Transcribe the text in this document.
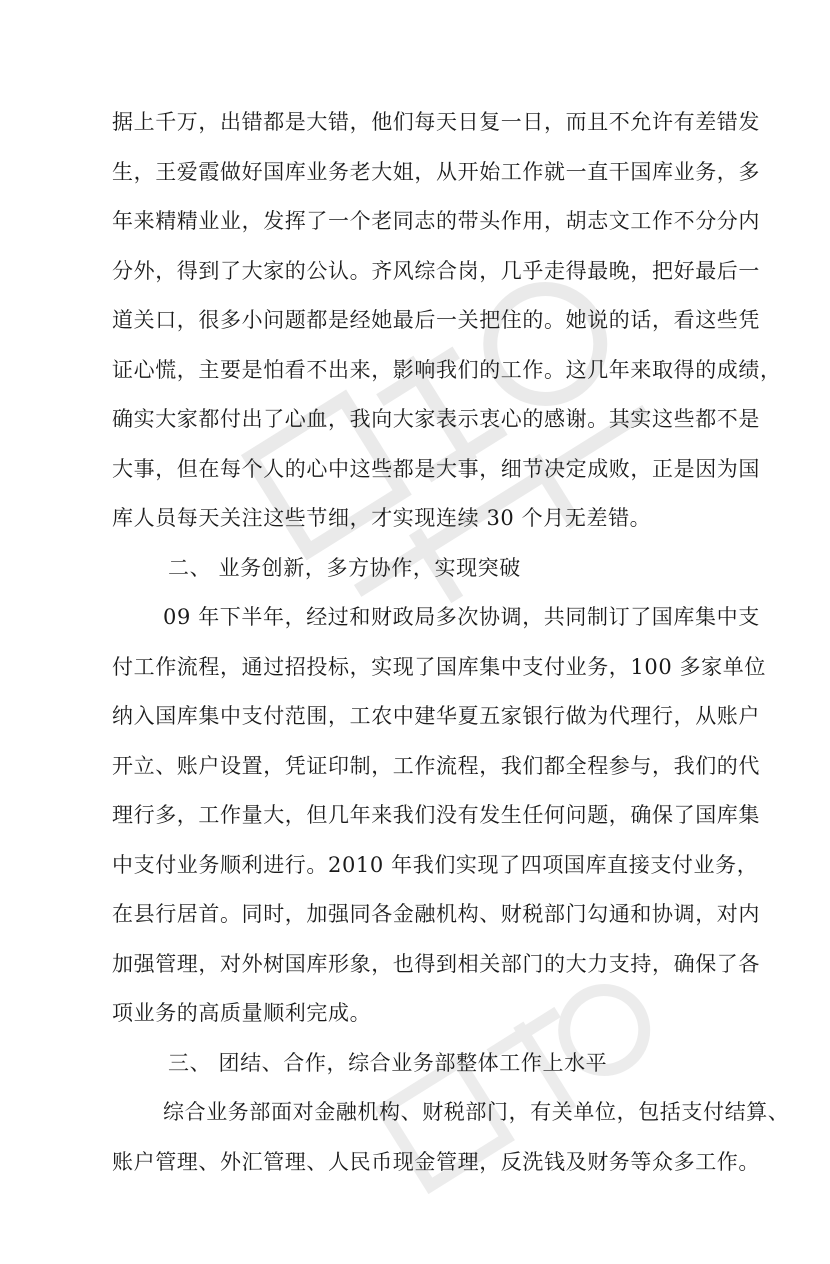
据上千万，出错都是大错，他们每天日复一日，而且不允许有差错发
生，王爱霞做好国库业务老大姐，从开始工作就一直干国库业务，多
年来精精业业，发挥了一个老同志的带头作用，胡志文工作不分分内
分外，得到了大家的公认。齐风综合岗，几乎走得最晚，把好最后一
道关口，很多小问题都是经她最后一关把住的。她说的话，看这些凭
证心慌，主要是怕看不出来，影响我们的工作。这几年来取得的成绩，
确实大家都付出了心血，我向大家表示衷心的感谢。其实这些都不是
大事，但在每个人的心中这些都是大事，细节决定成败，正是因为国
库人员每天关注这些节细，才实现连续 30 个月无差错。
二、 业务创新，多方协作，实现突破
09 年下半年，经过和财政局多次协调，共同制订了国库集中支
付工作流程，通过招投标，实现了国库集中支付业务，100 多家单位
纳入国库集中支付范围，工农中建华夏五家银行做为代理行，从账户
开立、账户设置，凭证印制，工作流程，我们都全程参与，我们的代
理行多，工作量大，但几年来我们没有发生任何问题，确保了国库集
中支付业务顺利进行。2010 年我们实现了四项国库直接支付业务，
在县行居首。同时，加强同各金融机构、财税部门勾通和协调，对内
加强管理，对外树国库形象，也得到相关部门的大力支持，确保了各
项业务的高质量顺利完成。
三、 团结、合作，综合业务部整体工作上水平
综合业务部面对金融机构、财税部门，有关单位，包括支付结算、
账户管理、外汇管理、人民币现金管理，反洗钱及财务等众多工作。
